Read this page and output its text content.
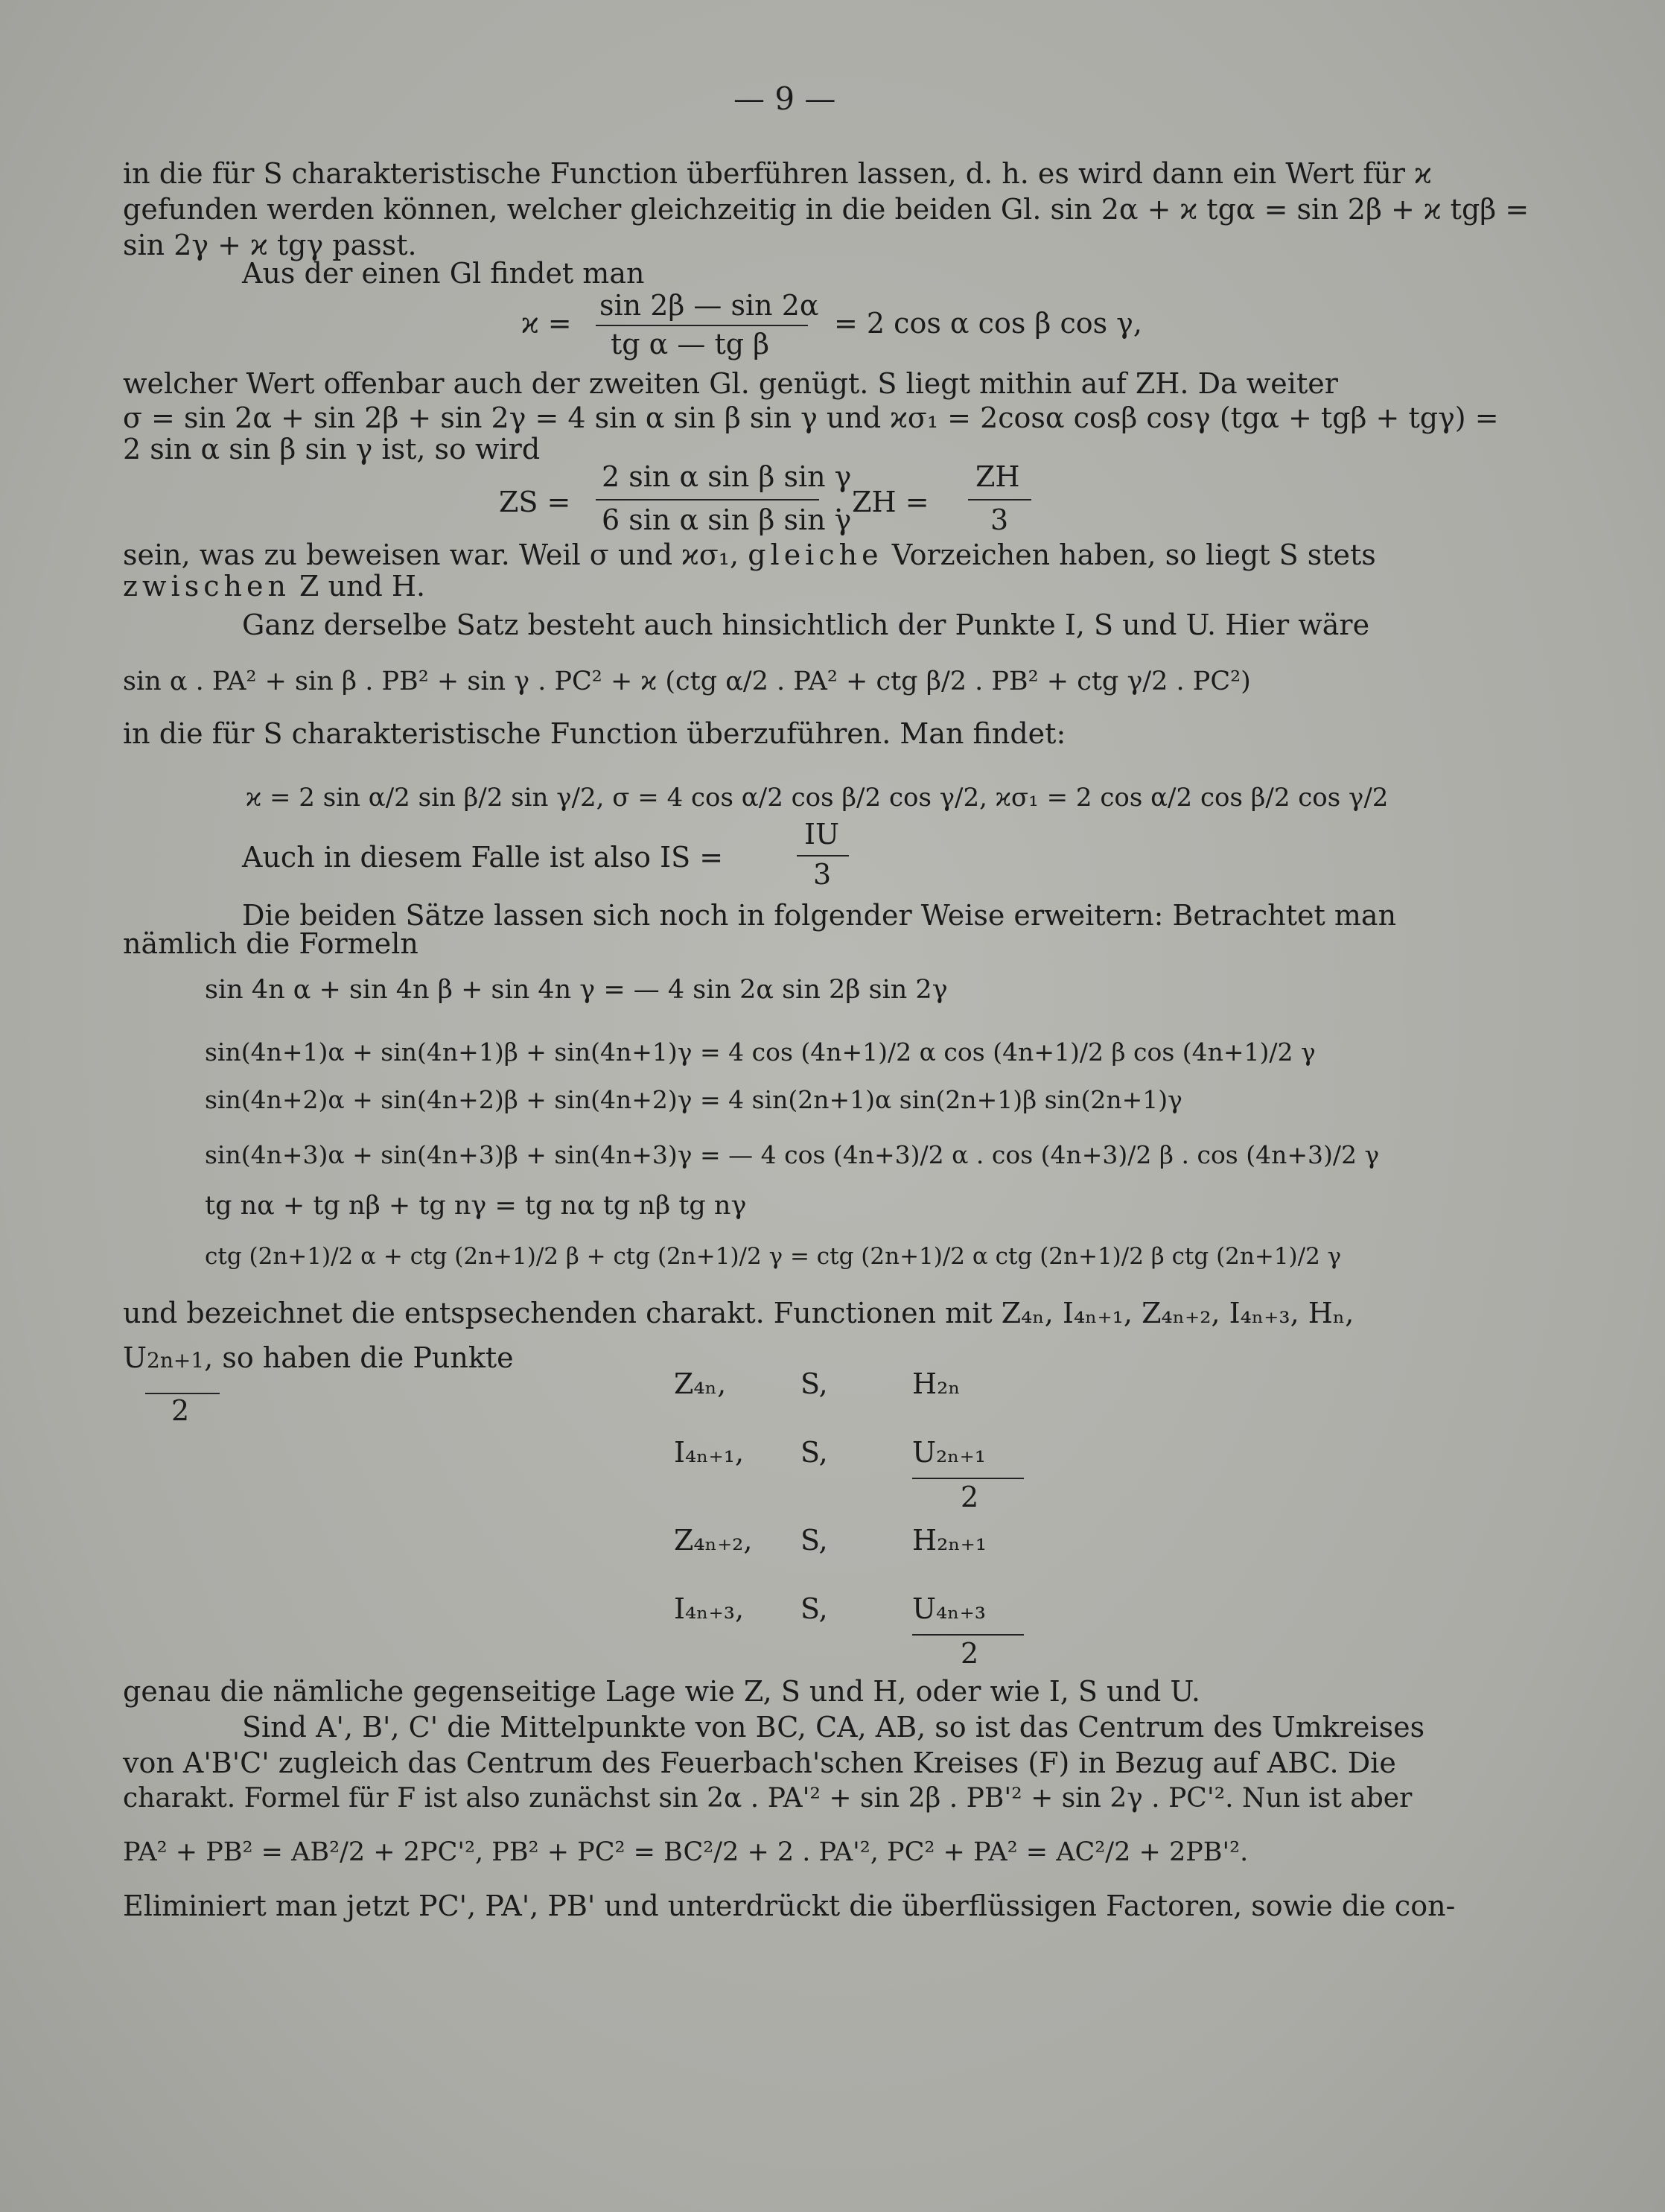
— 9 —
in die für S charakteristische Function überführen lassen, d. h. es wird dann ein Wert für ϰ
gefunden werden können, welcher gleichzeitig in die beiden Gl. sin 2α + ϰ tgα = sin 2β + ϰ tgβ =
sin 2γ + ϰ tgγ passt.
Aus der einen Gl findet man
ϰ =
sin 2β — sin 2α
tg α — tg β
= 2 cos α cos β cos γ,
welcher Wert offenbar auch der zweiten Gl. genügt. S liegt mithin auf ZH. Da weiter
σ = sin 2α + sin 2β + sin 2γ = 4 sin α sin β sin γ und ϰσ₁ = 2cosα cosβ cosγ (tgα + tgβ + tgγ) =
2 sin α sin β sin γ ist, so wird
ZS =
2 sin α sin β sin γ
6 sin α sin β sin γ
. ZH =
ZH
3
sein, was zu beweisen war. Weil σ und ϰσ₁, gleiche Vorzeichen haben, so liegt S stets
zwischen Z und H.
Ganz derselbe Satz besteht auch hinsichtlich der Punkte I, S und U. Hier wäre
sin α . PA² + sin β . PB² + sin γ . PC² + ϰ (ctg α/2 . PA² + ctg β/2 . PB² + ctg γ/2 . PC²)
in die für S charakteristische Function überzuführen. Man findet:
ϰ = 2 sin α/2 sin β/2 sin γ/2, σ = 4 cos α/2 cos β/2 cos γ/2, ϰσ₁ = 2 cos α/2 cos β/2 cos γ/2
Auch in diesem Falle ist also IS =
IU
3
Die beiden Sätze lassen sich noch in folgender Weise erweitern: Betrachtet man
nämlich die Formeln
sin 4n α + sin 4n β + sin 4n γ = — 4 sin 2α sin 2β sin 2γ
sin(4n+1)α + sin(4n+1)β + sin(4n+1)γ = 4 cos (4n+1)/2 α cos (4n+1)/2 β cos (4n+1)/2 γ
sin(4n+2)α + sin(4n+2)β + sin(4n+2)γ = 4 sin(2n+1)α sin(2n+1)β sin(2n+1)γ
sin(4n+3)α + sin(4n+3)β + sin(4n+3)γ = — 4 cos (4n+3)/2 α . cos (4n+3)/2 β . cos (4n+3)/2 γ
tg nα + tg nβ + tg nγ = tg nα tg nβ tg nγ
ctg (2n+1)/2 α + ctg (2n+1)/2 β + ctg (2n+1)/2 γ = ctg (2n+1)/2 α ctg (2n+1)/2 β ctg (2n+1)/2 γ
und bezeichnet die entspsechenden charakt. Functionen mit Z₄ₙ, I₄ₙ₊₁, Z₄ₙ₊₂, I₄ₙ₊₃, Hₙ,
U2n+1, so haben die Punkte
2
Z₄ₙ,	S,	H₂ₙ
I₄ₙ₊₁, S,	U₂ₙ₊₁
2
Z₄ₙ₊₂, S,	H₂ₙ₊₁
I₄ₙ₊₃, S,	U₄ₙ₊₃
2
genau die nämliche gegenseitige Lage wie Z, S und H, oder wie I, S und U.
Sind A', B', C' die Mittelpunkte von BC, CA, AB, so ist das Centrum des Umkreises
von A'B'C' zugleich das Centrum des Feuerbach'schen Kreises (F) in Bezug auf ABC. Die
charakt. Formel für F ist also zunächst sin 2α . PA'² + sin 2β . PB'² + sin 2γ . PC'². Nun ist aber
PA² + PB² = AB²/2 + 2PC'², PB² + PC² = BC²/2 + 2 . PA'², PC² + PA² = AC²/2 + 2PB'².
Eliminiert man jetzt PC', PA', PB' und unterdrückt die überflüssigen Factoren, sowie die con-
